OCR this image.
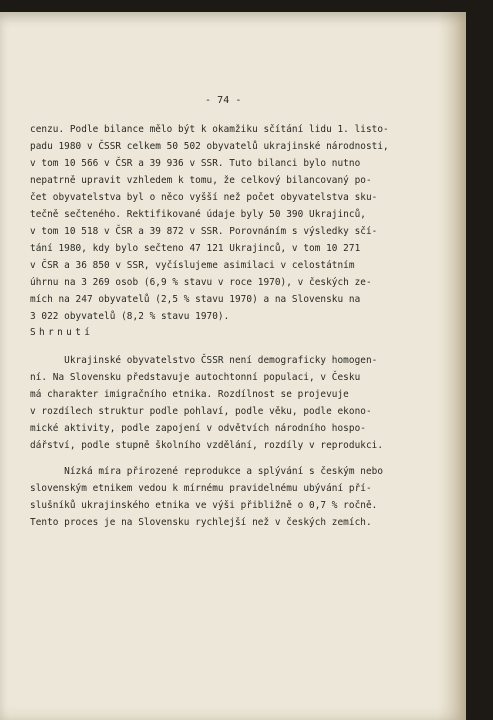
- 74 -
cenzu. Podle bilance mělo být k okamžiku sčítání lidu 1. listo-
padu 1980 v ČSSR celkem 50 502 obyvatelů ukrajinské národnosti,
v tom 10 566 v ČSR a 39 936 v SSR. Tuto bilanci bylo nutno
nepatrně upravit vzhledem k tomu, že celkový bilancovaný po-
čet obyvatelstva byl o něco vyšší než počet obyvatelstva sku-
tečně sečteného. Rektifikované údaje byly 50 390 Ukrajinců,
v tom 10 518 v ČSR a 39 872 v SSR. Porovnáním s výsledky sčí-
tání 1980, kdy bylo sečteno 47 121 Ukrajinců, v tom 10 271
v ČSR a 36 850 v SSR, vyčíslujeme asimilaci v celostátním
úhrnu na 3 269 osob (6,9 % stavu v roce 1970), v českých ze-
mích na 247 obyvatelů (2,5 % stavu 1970) a na Slovensku na
3 022 obyvatelů (8,2 % stavu 1970).
Shrnutí
Ukrajinské obyvatelstvo ČSSR není demograficky homogen-
ní. Na Slovensku představuje autochtonní populaci, v Česku
má charakter imigračního etnika. Rozdílnost se projevuje
v rozdílech struktur podle pohlaví, podle věku, podle ekono-
mické aktivity, podle zapojení v odvětvích národního hospo-
dářství, podle stupně školního vzdělání, rozdíly v reprodukci.
Nízká míra přirozené reprodukce a splývání s českým nebo
slovenským etnikem vedou k mírnému pravidelnému ubývání pří-
slušníků ukrajinského etnika ve výši přibližně o 0,7 % ročně.
Tento proces je na Slovensku rychlejší než v českých zemích.
